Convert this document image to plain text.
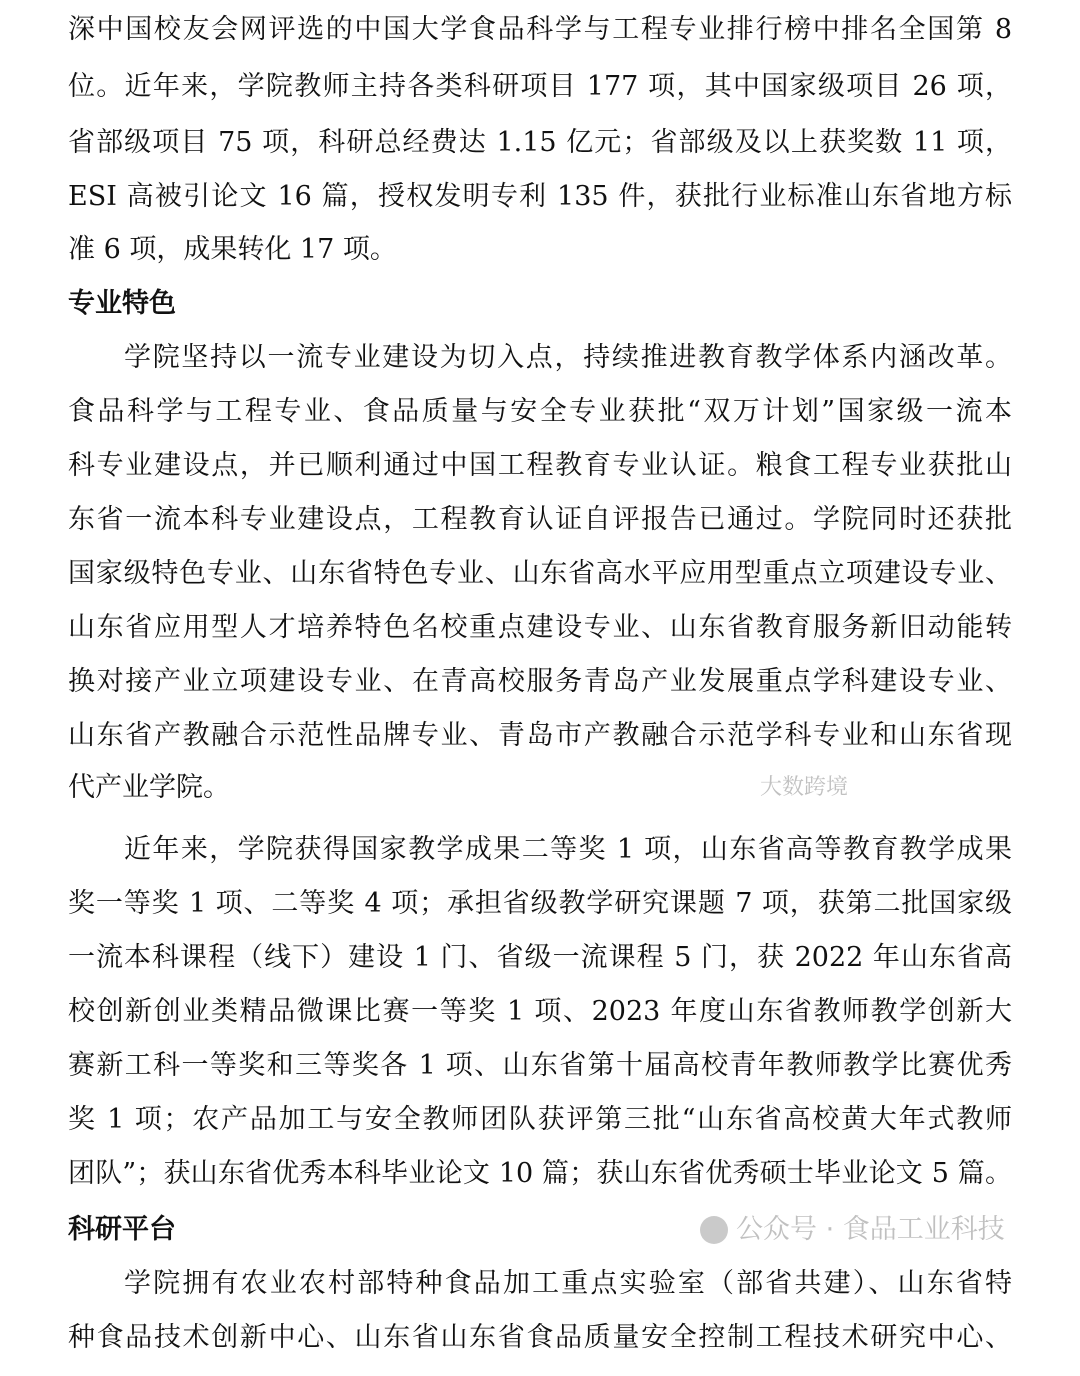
科研平台
专业特色
公众号 · 食品工业科技
大数跨境
深中国校友会网评选的中国大学食品科学与工程专业排行榜中排名全国第 8
位。近年来，学院教师主持各类科研项目 177 项，其中国家级项目 26 项，
省部级项目 75 项，科研总经费达 1.15 亿元；省部级及以上获奖数 11 项，
ESI 高被引论文 16 篇，授权发明专利 135 件，获批行业标准山东省地方标
准 6 项，成果转化 17 项。
学院坚持以一流专业建设为切入点，持续推进教育教学体系内涵改革。
食品科学与工程专业、食品质量与安全专业获批“双万计划”国家级一流本
科专业建设点，并已顺利通过中国工程教育专业认证。粮食工程专业获批山
东省一流本科专业建设点，工程教育认证自评报告已通过。学院同时还获批
国家级特色专业、山东省特色专业、山东省高水平应用型重点立项建设专业、
山东省应用型人才培养特色名校重点建设专业、山东省教育服务新旧动能转
换对接产业立项建设专业、在青高校服务青岛产业发展重点学科建设专业、
山东省产教融合示范性品牌专业、青岛市产教融合示范学科专业和山东省现
代产业学院。
近年来，学院获得国家教学成果二等奖 1 项，山东省高等教育教学成果
奖一等奖 1 项、二等奖 4 项；承担省级教学研究课题 7 项，获第二批国家级
一流本科课程（线下）建设 1 门、省级一流课程 5 门，获 2022 年山东省高
校创新创业类精品微课比赛一等奖 1 项、2023 年度山东省教师教学创新大
赛新工科一等奖和三等奖各 1 项、山东省第十届高校青年教师教学比赛优秀
奖 1 项；农产品加工与安全教师团队获评第三批“山东省高校黄大年式教师
团队”；获山东省优秀本科毕业论文 10 篇；获山东省优秀硕士毕业论文 5 篇。
学院拥有农业农村部特种食品加工重点实验室（部省共建）、山东省特
种食品技术创新中心、山东省山东省食品质量安全控制工程技术研究中心、
